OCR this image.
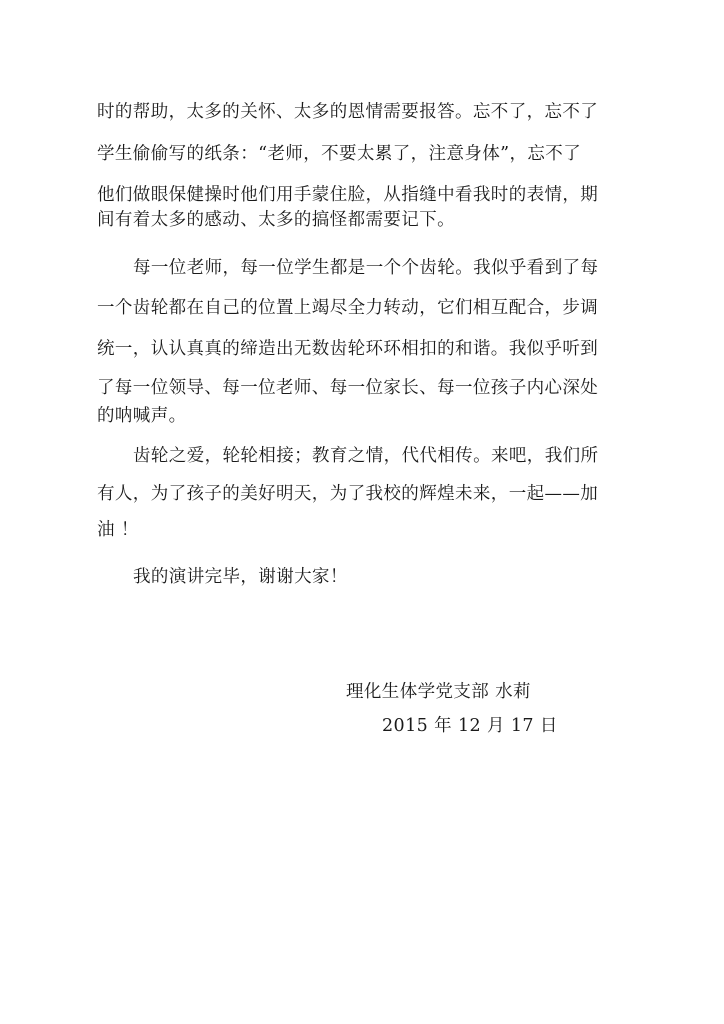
时的帮助，太多的关怀、太多的恩情需要报答。忘不了，忘不了
学生偷偷写的纸条：“老师，不要太累了，注意身体”，忘不了
他们做眼保健操时他们用手蒙住脸，从指缝中看我时的表情，期
间有着太多的感动、太多的搞怪都需要记下。
每一位老师，每一位学生都是一个个齿轮。我似乎看到了每
一个齿轮都在自己的位置上竭尽全力转动，它们相互配合，步调
统一，认认真真的缔造出无数齿轮环环相扣的和谐。我似乎听到
了每一位领导、每一位老师、每一位家长、每一位孩子内心深处
的呐喊声。
齿轮之爱，轮轮相接；教育之情，代代相传。来吧，我们所
有人，为了孩子的美好明天，为了我校的辉煌未来，一起——加
油 ！
我的演讲完毕，谢谢大家！
理化生体学党支部 水莉
2015 年 12 月 17 日
